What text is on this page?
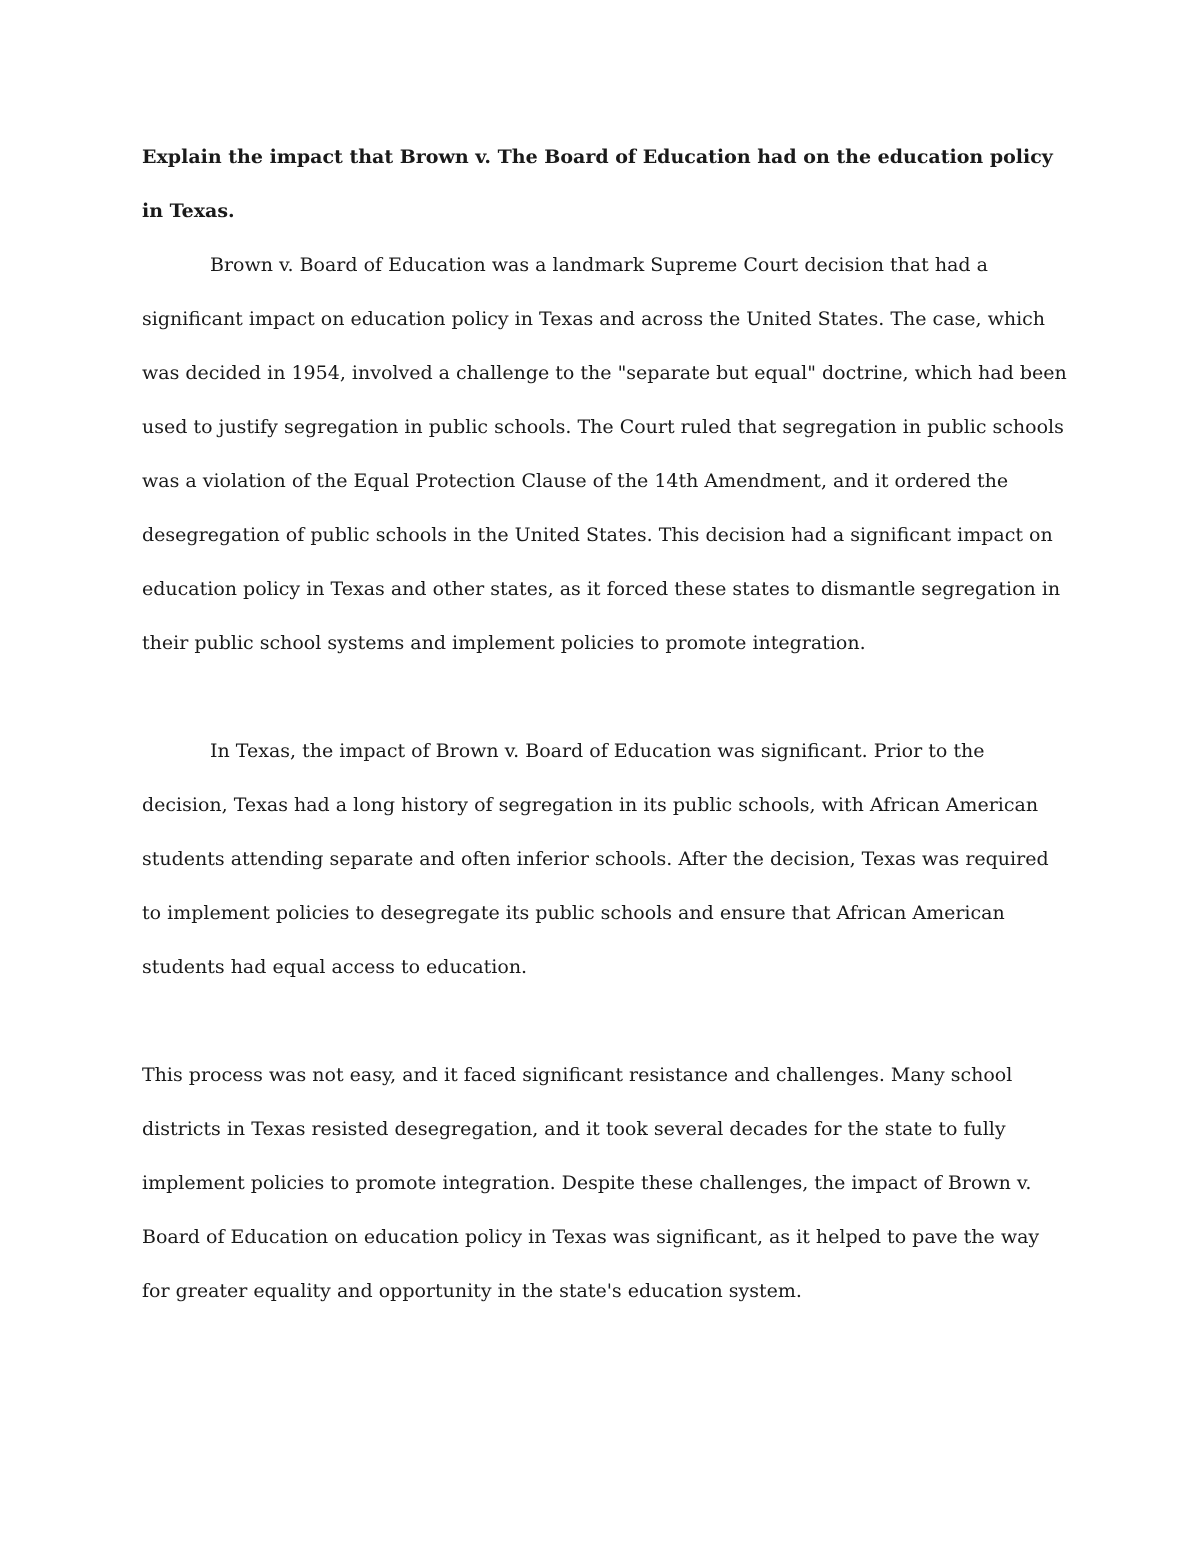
Explain the impact that Brown v. The Board of Education had on the education policy in Texas.

Brown v. Board of Education was a landmark Supreme Court decision that had a significant impact on education policy in Texas and across the United States. The case, which was decided in 1954, involved a challenge to the "separate but equal" doctrine, which had been used to justify segregation in public schools. The Court ruled that segregation in public schools was a violation of the Equal Protection Clause of the 14th Amendment, and it ordered the desegregation of public schools in the United States. This decision had a significant impact on education policy in Texas and other states, as it forced these states to dismantle segregation in their public school systems and implement policies to promote integration.

In Texas, the impact of Brown v. Board of Education was significant. Prior to the decision, Texas had a long history of segregation in its public schools, with African American students attending separate and often inferior schools. After the decision, Texas was required to implement policies to desegregate its public schools and ensure that African American students had equal access to education.

This process was not easy, and it faced significant resistance and challenges. Many school districts in Texas resisted desegregation, and it took several decades for the state to fully implement policies to promote integration. Despite these challenges, the impact of Brown v. Board of Education on education policy in Texas was significant, as it helped to pave the way for greater equality and opportunity in the state's education system.
